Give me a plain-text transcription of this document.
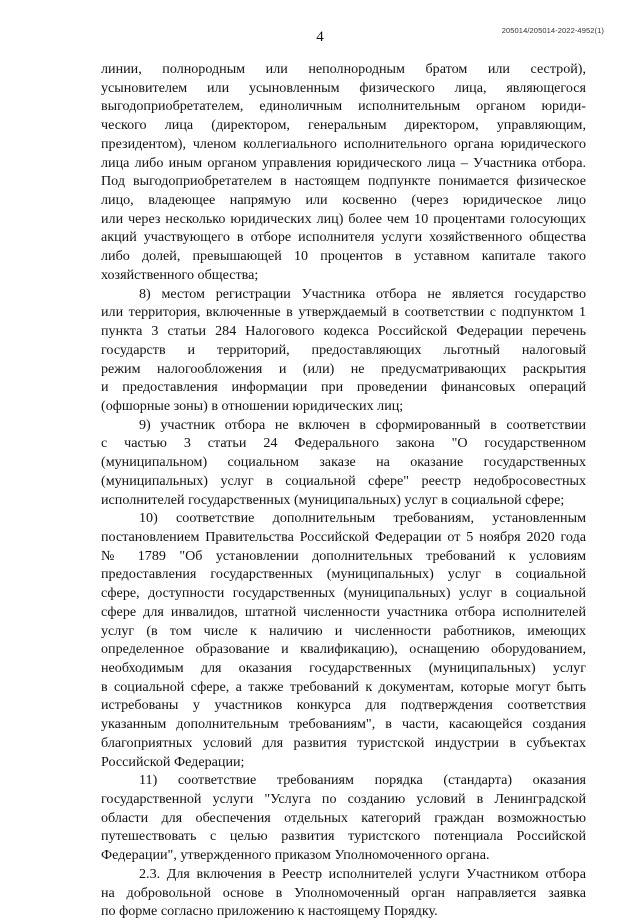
205014/205014-2022-4952(1)
4
линии, полнородным или неполнородным братом или сестрой),
усыновителем или усыновленным физического лица, являющегося
выгодоприобретателем, единоличным исполнительным органом юриди-
ческого лица (директором, генеральным директором, управляющим,
президентом), членом коллегиального исполнительного органа юридического
лица либо иным органом управления юридического лица – Участника отбора.
Под выгодоприобретателем в настоящем подпункте понимается физическое
лицо, владеющее напрямую или косвенно (через юридическое лицо
или через несколько юридических лиц) более чем 10 процентами голосующих
акций участвующего в отборе исполнителя услуги хозяйственного общества
либо долей, превышающей 10 процентов в уставном капитале такого
хозяйственного общества;
8) местом регистрации Участника отбора не является государство
или территория, включенные в утверждаемый в соответствии с подпунктом 1
пункта 3 статьи 284 Налогового кодекса Российской Федерации перечень
государств и территорий, предоставляющих льготный налоговый
режим налогообложения и (или) не предусматривающих раскрытия
и предоставления информации при проведении финансовых операций
(офшорные зоны) в отношении юридических лиц;
9) участник отбора не включен в сформированный в соответствии
с частью 3 статьи 24 Федерального закона "О государственном
(муниципальном) социальном заказе на оказание государственных
(муниципальных) услуг в социальной сфере" реестр недобросовестных
исполнителей государственных (муниципальных) услуг в социальной сфере;
10) соответствие дополнительным требованиям, установленным
постановлением Правительства Российской Федерации от 5 ноября 2020 года
№ 1789 "Об установлении дополнительных требований к условиям
предоставления государственных (муниципальных) услуг в социальной
сфере, доступности государственных (муниципальных) услуг в социальной
сфере для инвалидов, штатной численности участника отбора исполнителей
услуг (в том числе к наличию и численности работников, имеющих
определенное образование и квалификацию), оснащению оборудованием,
необходимым для оказания государственных (муниципальных) услуг
в социальной сфере, а также требований к документам, которые могут быть
истребованы у участников конкурса для подтверждения соответствия
указанным дополнительным требованиям", в части, касающейся создания
благоприятных условий для развития туристской индустрии в субъектах
Российской Федерации;
11) соответствие требованиям порядка (стандарта) оказания
государственной услуги "Услуга по созданию условий в Ленинградской
области для обеспечения отдельных категорий граждан возможностью
путешествовать с целью развития туристского потенциала Российской
Федерации", утвержденного приказом Уполномоченного органа.
2.3. Для включения в Реестр исполнителей услуги Участником отбора
на добровольной основе в Уполномоченный орган направляется заявка
по форме согласно приложению к настоящему Порядку.
